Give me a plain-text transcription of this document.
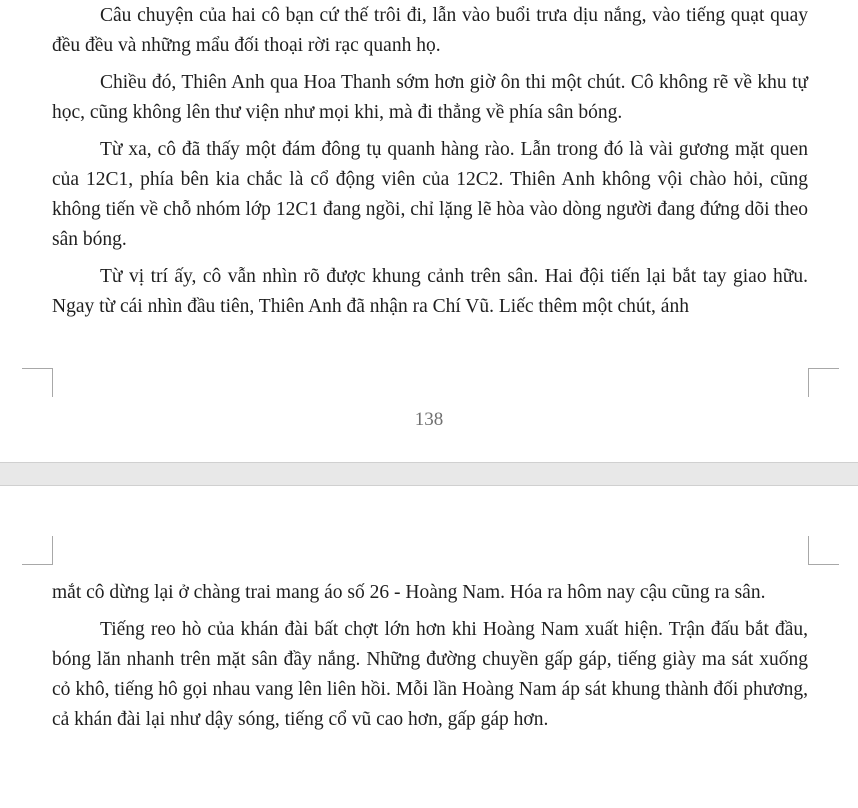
Câu chuyện của hai cô bạn cứ thế trôi đi, lẫn vào buổi trưa dịu nắng, vào tiếng quạt quay đều đều và những mẩu đối thoại rời rạc quanh họ.

Chiều đó, Thiên Anh qua Hoa Thanh sớm hơn giờ ôn thi một chút. Cô không rẽ về khu tự học, cũng không lên thư viện như mọi khi, mà đi thẳng về phía sân bóng.

Từ xa, cô đã thấy một đám đông tụ quanh hàng rào. Lẫn trong đó là vài gương mặt quen của 12C1, phía bên kia chắc là cổ động viên của 12C2. Thiên Anh không vội chào hỏi, cũng không tiến về chỗ nhóm lớp 12C1 đang ngồi, chỉ lặng lẽ hòa vào dòng người đang đứng dõi theo sân bóng.

Từ vị trí ấy, cô vẫn nhìn rõ được khung cảnh trên sân. Hai đội tiến lại bắt tay giao hữu. Ngay từ cái nhìn đầu tiên, Thiên Anh đã nhận ra Chí Vũ. Liếc thêm một chút, ánh

138

mắt cô dừng lại ở chàng trai mang áo số 26 - Hoàng Nam. Hóa ra hôm nay cậu cũng ra sân.

Tiếng reo hò của khán đài bất chợt lớn hơn khi Hoàng Nam xuất hiện. Trận đấu bắt đầu, bóng lăn nhanh trên mặt sân đầy nắng. Những đường chuyền gấp gáp, tiếng giày ma sát xuống cỏ khô, tiếng hô gọi nhau vang lên liên hồi. Mỗi lần Hoàng Nam áp sát khung thành đối phương, cả khán đài lại như dậy sóng, tiếng cổ vũ cao hơn, gấp gáp hơn.
